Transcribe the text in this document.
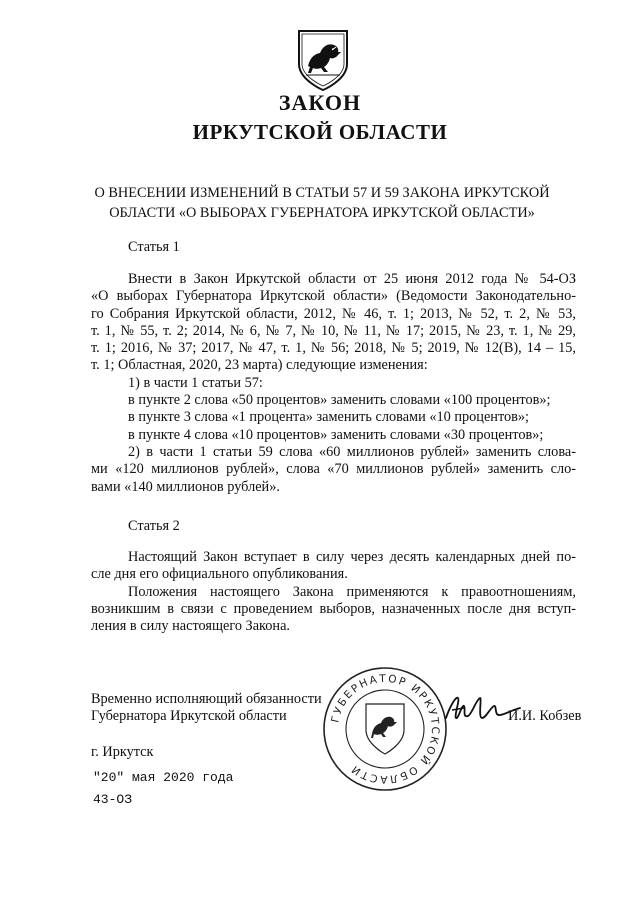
ЗАКОН
ИРКУТСКОЙ ОБЛАСТИ
О ВНЕСЕНИИ ИЗМЕНЕНИЙ В СТАТЬИ 57 И 59 ЗАКОНА ИРКУТСКОЙ
ОБЛАСТИ «О ВЫБОРАХ ГУБЕРНАТОРА ИРКУТСКОЙ ОБЛАСТИ»
Статья 1
Внести в Закон Иркутской области от 25 июня 2012 года № 54-ОЗ
«О выборах Губернатора Иркутской области» (Ведомости Законодательно-
го Собрания Иркутской области, 2012, № 46, т. 1; 2013, № 52, т. 2, № 53,
т. 1, № 55, т. 2; 2014, № 6, № 7, № 10, № 11, № 17; 2015, № 23, т. 1, № 29,
т. 1; 2016, № 37; 2017, № 47, т. 1, № 56; 2018, № 5; 2019, № 12(В), 14 – 15,
т. 1; Областная, 2020, 23 марта) следующие изменения:
1) в части 1 статьи 57:
в пункте 2 слова «50 процентов» заменить словами «100 процентов»;
в пункте 3 слова «1 процента» заменить словами «10 процентов»;
в пункте 4 слова «10 процентов» заменить словами «30 процентов»;
2) в части 1 статьи 59 слова «60 миллионов рублей» заменить слова-
ми «120 миллионов рублей», слова «70 миллионов рублей» заменить сло-
вами «140 миллионов рублей».
Статья 2
Настоящий Закон вступает в силу через десять календарных дней по-
сле дня его официального опубликования.
Положения настоящего Закона применяются к правоотношениям,
возникшим в связи с проведением выборов, назначенных после дня вступ-
ления в силу настоящего Закона.
Временно исполняющий обязанности
Губернатора Иркутской области	И.И. Кобзев
ГУБЕРНАТОР ИРКУТСКОЙ ОБЛАСТИ
г. Иркутск
"20" мая 2020 года
43-ОЗ
